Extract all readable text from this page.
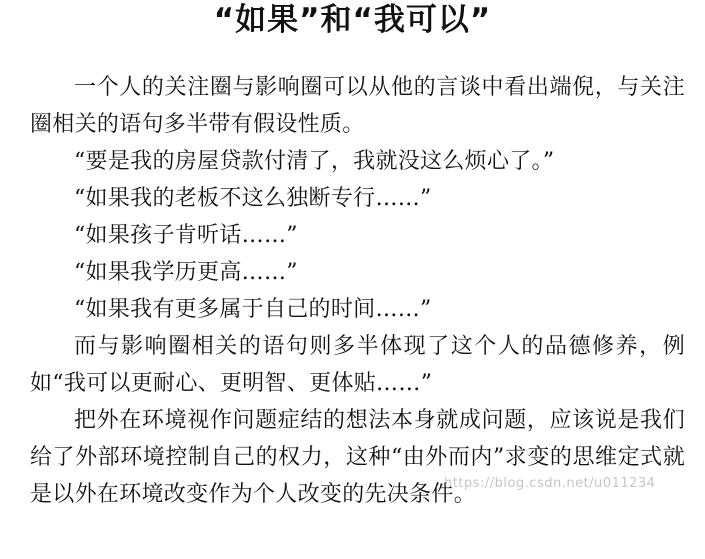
“如果”和“我可以”

一个人的关注圈与影响圈可以从他的言谈中看出端倪，与关注圈相关的语句多半带有假设性质。

“要是我的房屋贷款付清了，我就没这么烦心了。”

“如果我的老板不这么独断专行……”

“如果孩子肯听话……”

“如果我学历更高……”

“如果我有更多属于自己的时间……”

而与影响圈相关的语句则多半体现了这个人的品德修养，例如“我可以更耐心、更明智、更体贴……”

把外在环境视作问题症结的想法本身就成问题，应该说是我们给了外部环境控制自己的权力，这种“由外而内”求变的思维定式就是以外在环境改变作为个人改变的先决条件。

https://blog.csdn.net/u011234
